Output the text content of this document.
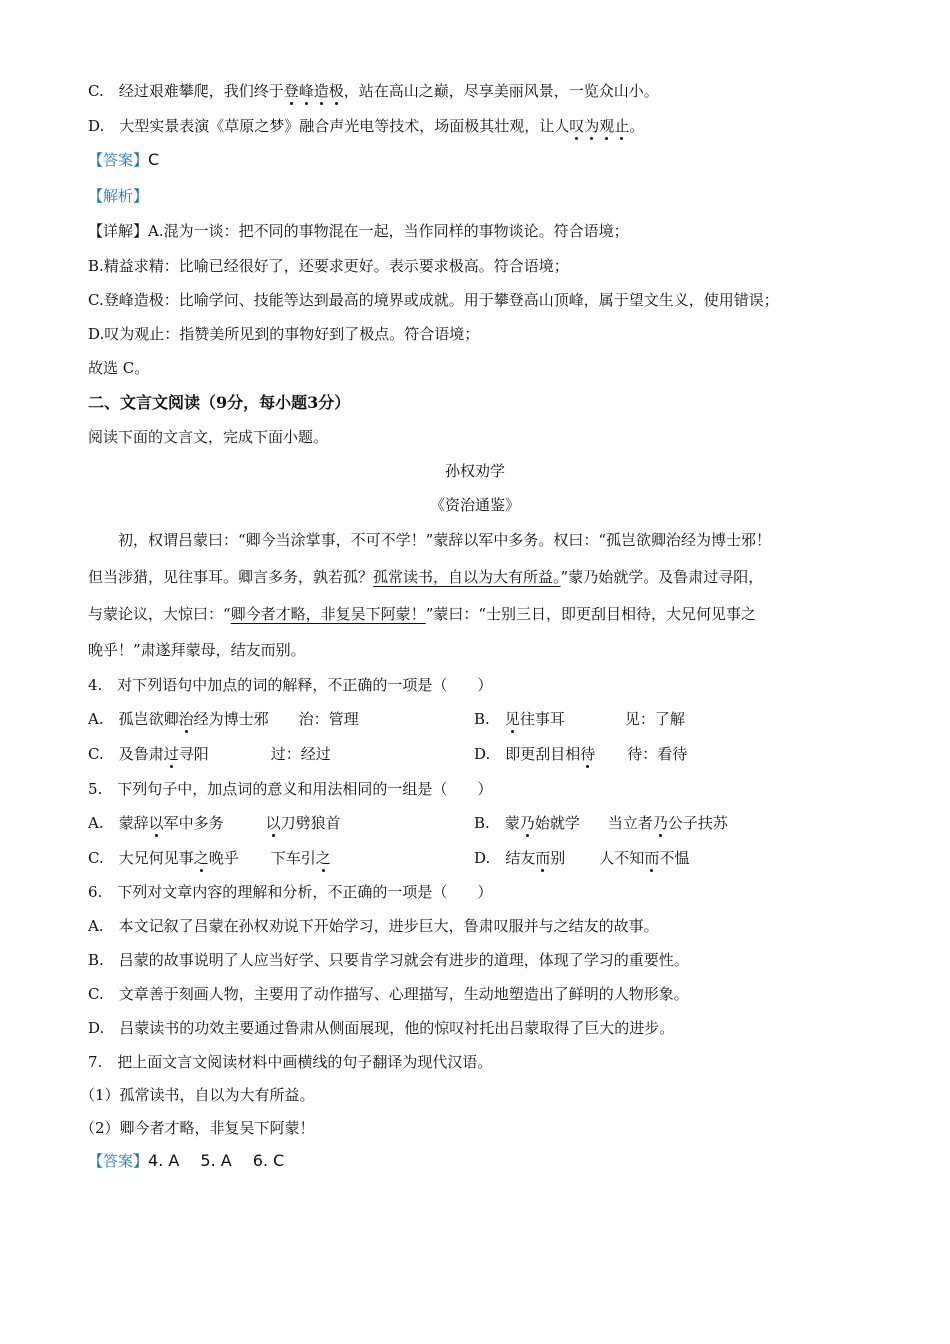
C.　经过艰难攀爬，我们终于登峰造极，站在高山之巅，尽享美丽风景，一览众山小。
D.　大型实景表演《草原之梦》融合声光电等技术，场面极其壮观，让人叹为观止。
【答案】C
【解析】
【详解】A.混为一谈：把不同的事物混在一起，当作同样的事物谈论。符合语境；
B.精益求精：比喻已经很好了，还要求更好。表示要求极高。符合语境；
C.登峰造极：比喻学问、技能等达到最高的境界或成就。用于攀登高山顶峰，属于望文生义，使用错误；
D.叹为观止：指赞美所见到的事物好到了极点。符合语境；
故选 C。
二、文言文阅读（9分，每小题3分）
阅读下面的文言文，完成下面小题。
孙权劝学
《资治通鉴》
初，权谓吕蒙曰：“卿今当涂掌事，不可不学！”蒙辞以军中多务。权曰：“孤岂欲卿治经为博士邪！
但当涉猎，见往事耳。卿言多务，孰若孤？孤常读书，自以为大有所益。”蒙乃始就学。及鲁肃过寻阳，
与蒙论议，大惊曰：“卿今者才略，非复吴下阿蒙！”蒙曰：“士别三日，即更刮目相待，大兄何见事之
晚乎！”肃遂拜蒙母，结友而别。
4.　对下列语句中加点的词的解释，不正确的一项是（　　）
A.　孤岂欲卿治经为博士邪 治：管理	B.　见往事耳	见：了解
C.　及鲁肃过寻阳	过：经过	D.　即更刮目相待 待：看待
5.　下列句子中，加点词的意义和用法相同的一组是（　　）
A.　蒙辞以军中多务	以刀劈狼首	B.　蒙乃始就学 当立者乃公子扶苏
C.　大兄何见事之晚乎 下车引之	D.　结友而别 人不知而不愠
6.　下列对文章内容的理解和分析，不正确的一项是（　　）
A.　本文记叙了吕蒙在孙权劝说下开始学习，进步巨大，鲁肃叹服并与之结友的故事。
B.　吕蒙的故事说明了人应当好学、只要肯学习就会有进步的道理，体现了学习的重要性。
C.　文章善于刻画人物，主要用了动作描写、心理描写，生动地塑造出了鲜明的人物形象。
D.　吕蒙读书的功效主要通过鲁肃从侧面展现，他的惊叹衬托出吕蒙取得了巨大的进步。
7.　把上面文言文阅读材料中画横线的句子翻译为现代汉语。
（1）孤常读书，自以为大有所益。
（2）卿今者才略，非复吴下阿蒙！
【答案】4. A　 5. A　 6. C
